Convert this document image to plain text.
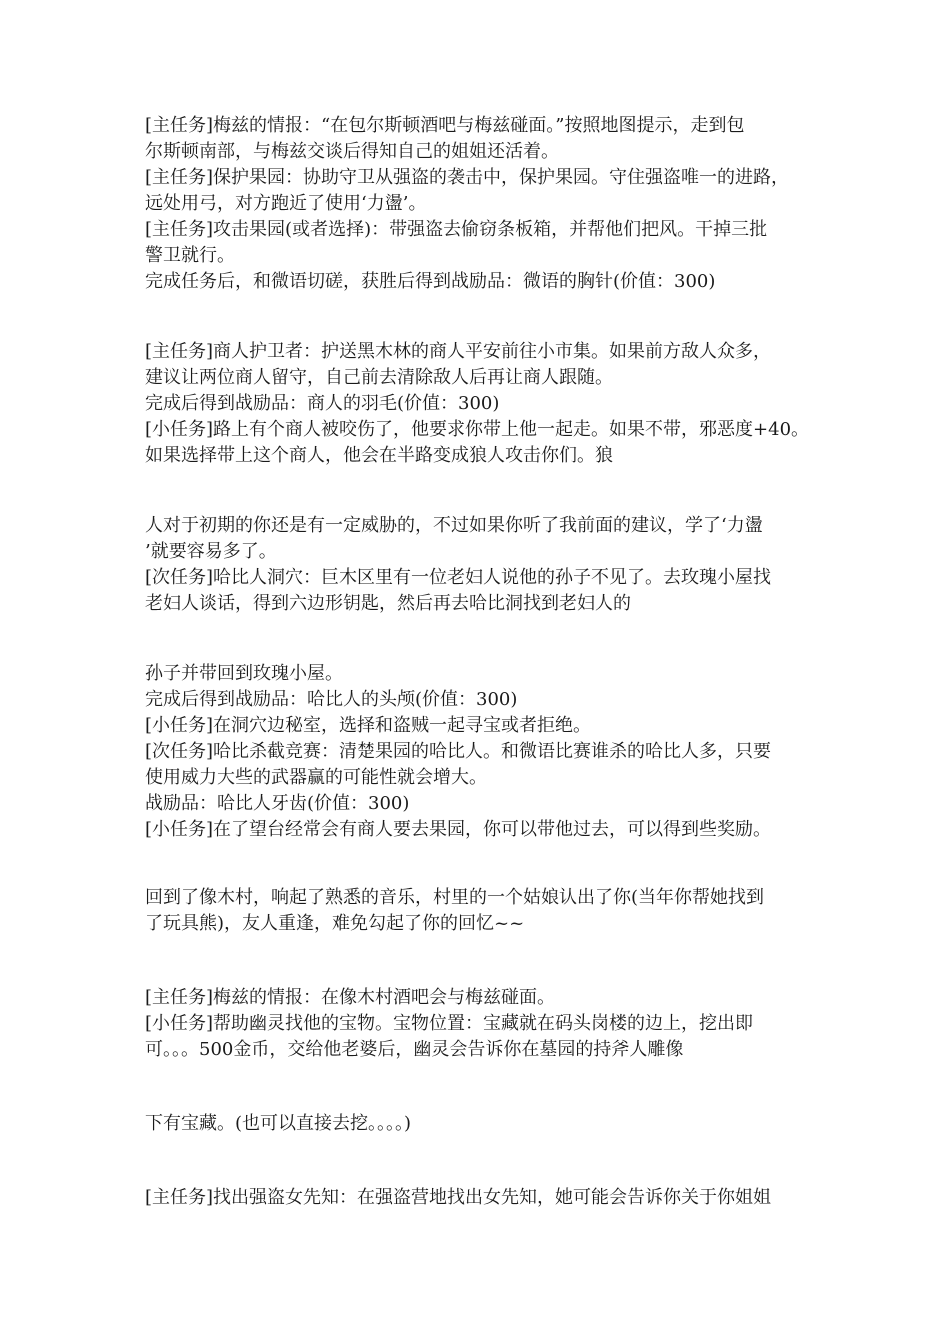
[主任务]梅兹的情报：“在包尔斯顿酒吧与梅兹碰面。”按照地图提示，走到包
尔斯顿南部，与梅兹交谈后得知自己的姐姐还活着。
[主任务]保护果园：协助守卫从强盗的袭击中，保护果园。守住强盗唯一的进路，
远处用弓，对方跑近了使用‘力盪’。
[主任务]攻击果园(或者选择)：带强盗去偷窃条板箱，并帮他们把风。干掉三批
警卫就行。
完成任务后，和微语切磋，获胜后得到战励品：微语的胸针(价值：300)
[主任务]商人护卫者：护送黑木林的商人平安前往小市集。如果前方敌人众多，
建议让两位商人留守，自己前去清除敌人后再让商人跟随。
完成后得到战励品：商人的羽毛(价值：300)
[小任务]路上有个商人被咬伤了，他要求你带上他一起走。如果不带，邪恶度+40。
如果选择带上这个商人，他会在半路变成狼人攻击你们。狼
人对于初期的你还是有一定威胁的，不过如果你听了我前面的建议，学了‘力盪
’就要容易多了。
[次任务]哈比人洞穴：巨木区里有一位老妇人说他的孙子不见了。去玫瑰小屋找
老妇人谈话，得到六边形钥匙，然后再去哈比洞找到老妇人的
孙子并带回到玫瑰小屋。
完成后得到战励品：哈比人的头颅(价值：300)
[小任务]在洞穴边秘室，选择和盗贼一起寻宝或者拒绝。
[次任务]哈比杀截竞赛：清楚果园的哈比人。和微语比赛谁杀的哈比人多，只要
使用威力大些的武器赢的可能性就会增大。
战励品：哈比人牙齿(价值：300)
[小任务]在了望台经常会有商人要去果园，你可以带他过去，可以得到些奖励。
回到了像木村，响起了熟悉的音乐，村里的一个姑娘认出了你(当年你帮她找到
了玩具熊)，友人重逢，难免勾起了你的回忆~~
[主任务]梅兹的情报：在像木村酒吧会与梅兹碰面。
[小任务]帮助幽灵找他的宝物。宝物位置：宝藏就在码头岗楼的边上，挖出即
可。。。500金币，交给他老婆后，幽灵会告诉你在墓园的持斧人雕像
下有宝藏。(也可以直接去挖。。。。)
[主任务]找出强盗女先知：在强盗营地找出女先知，她可能会告诉你关于你姐姐
